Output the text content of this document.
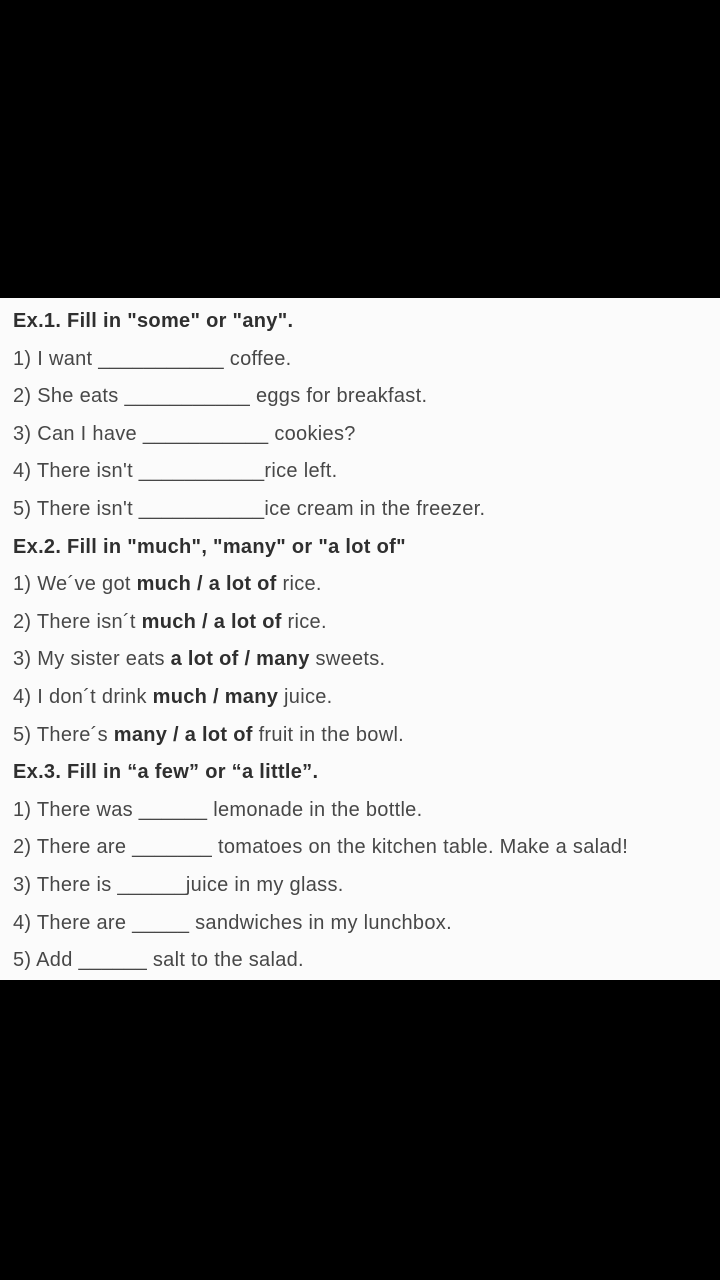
Ex.1. Fill in "some" or "any".
1) I want ___________ coffee.
2) She eats ___________ eggs for breakfast.
3) Can I have ___________ cookies?
4) There isn't ___________rice left.
5) There isn't ___________ice cream in the freezer.
Ex.2. Fill in "much", "many" or "a lot of"
1) We´ve got much / a lot of rice.
2) There isn´t much / a lot of rice.
3) My sister eats a lot of / many sweets.
4) I don´t drink much / many juice.
5) There´s many / a lot of fruit in the bowl.
Ex.3. Fill in “a few” or “a little”.
1) There was ______ lemonade in the bottle.
2) There are _______ tomatoes on the kitchen table. Make a salad!
3) There is ______juice in my glass.
4) There are _____ sandwiches in my lunchbox.
5) Add ______ salt to the salad.
